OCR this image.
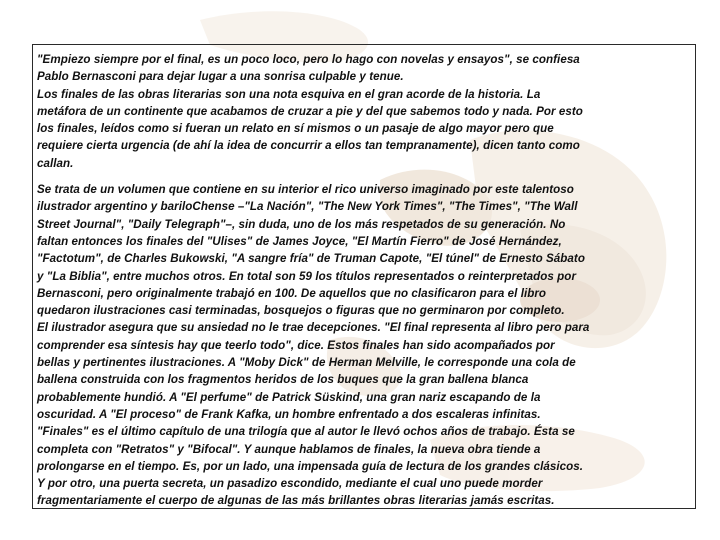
"Empiezo siempre por el final, es un poco loco, pero lo hago con novelas y ensayos", se confiesa
Pablo Bernasconi para dejar lugar a una sonrisa culpable y tenue.
Los finales de las obras literarias son una nota esquiva en el gran acorde de la historia. La
metáfora de un continente que acabamos de cruzar a pie y del que sabemos todo y nada. Por esto
los finales, leídos como si fueran un relato en sí mismos o un pasaje de algo mayor pero que
requiere cierta urgencia (de ahí la idea de concurrir a ellos tan tempranamente), dicen tanto como
callan.

Se trata de un volumen que contiene en su interior el rico universo imaginado por este talentoso
ilustrador argentino y bariloChense –"La Nación", "The New York Times", "The Times", "The Wall
Street Journal", "Daily Telegraph"–, sin duda, uno de los más respetados de su generación. No
faltan entonces los finales del "Ulises" de James Joyce, "El Martín Fierro" de José Hernández,
"Factotum", de Charles Bukowski, "A sangre fría" de Truman Capote, "El túnel" de Ernesto Sábato
y "La Biblia", entre muchos otros. En total son 59 los títulos representados o reinterpretados por
Bernasconi, pero originalmente trabajó en 100. De aquellos que no clasificaron para el libro
quedaron ilustraciones casi terminadas, bosquejos o figuras que no germinaron por completo.
El ilustrador asegura que su ansiedad no le trae decepciones. "El final representa al libro pero para
comprender esa síntesis hay que teerlo todo", dice. Estos finales han sido acompañados por
bellas y pertinentes ilustraciones. A "Moby Dick" de Herman Melville, le corresponde una cola de
ballena construida con los fragmentos heridos de los buques que la gran ballena blanca
probablemente hundió. A "El perfume" de Patrick Süskind, una gran nariz escapando de la
oscuridad. A "El proceso" de Frank Kafka, un hombre enfrentado a dos escaleras infinitas.
"Finales" es el último capítulo de una trilogía que al autor le llevó ochos años de trabajo. Ésta se
completa con "Retratos" y "Bifocal". Y aunque hablamos de finales, la nueva obra tiende a
prolongarse en el tiempo. Es, por un lado, una impensada guía de lectura de los grandes clásicos.
Y por otro, una puerta secreta, un pasadizo escondido, mediante el cual uno puede morder
fragmentariamente el cuerpo de algunas de las más brillantes obras literarias jamás escritas.
